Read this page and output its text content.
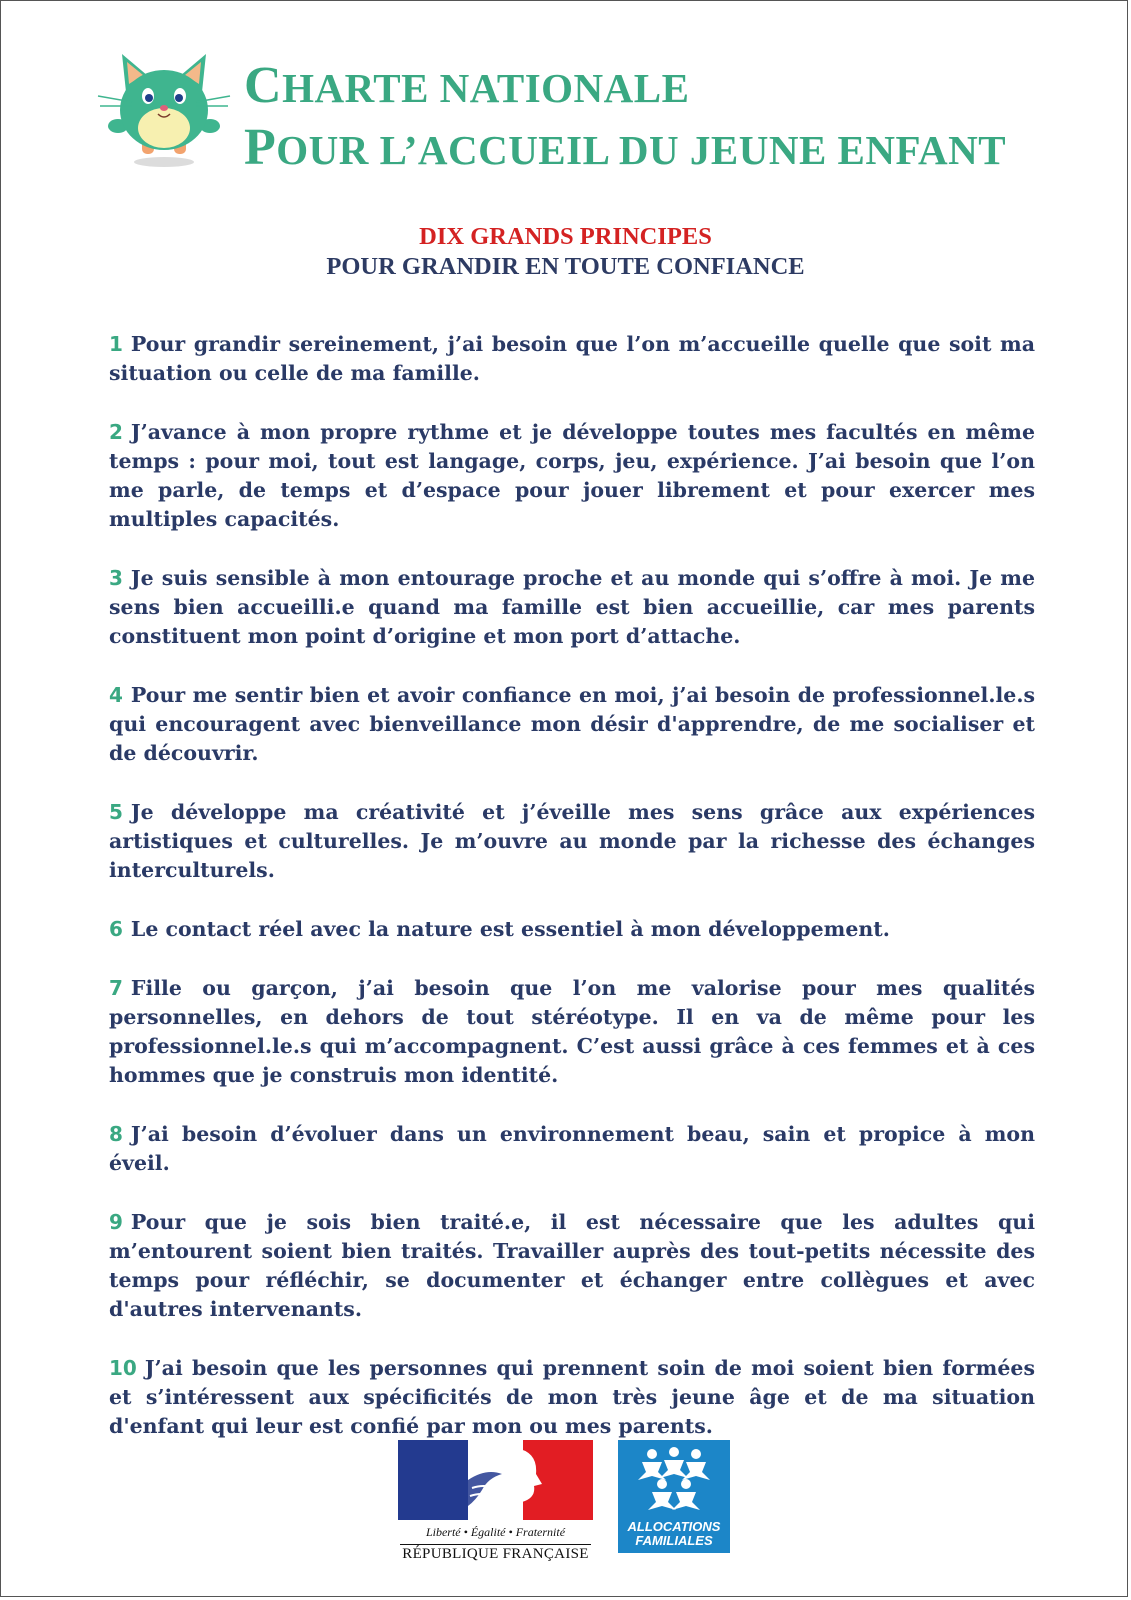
CHARTE NATIONALE
POUR L’ACCUEIL DU JEUNE ENFANT
DIX GRANDS PRINCIPES
POUR GRANDIR EN TOUTE CONFIANCE
1 Pour grandir sereinement, j’ai besoin que l’on m’accueille quelle que soit ma situation ou celle de ma famille.
2 J’avance à mon propre rythme et je développe toutes mes facultés en même temps : pour moi, tout est langage, corps, jeu, expérience. J’ai besoin que l’on me parle, de temps et d’espace pour jouer librement et pour exercer mes multiples capacités.
3 Je suis sensible à mon entourage proche et au monde qui s’offre à moi. Je me sens bien accueilli.e quand ma famille est bien accueillie, car mes parents constituent mon point d’origine et mon port d’attache.
4 Pour me sentir bien et avoir confiance en moi, j’ai besoin de professionnel.le.s qui encouragent avec bienveillance mon désir d'apprendre, de me socialiser et de découvrir.
5 Je développe ma créativité et j’éveille mes sens grâce aux expériences artistiques et culturelles. Je m’ouvre au monde par la richesse des échanges interculturels.
6 Le contact réel avec la nature est essentiel à mon développement.
7 Fille ou garçon, j’ai besoin que l’on me valorise pour mes qualités personnelles, en dehors de tout stéréotype. Il en va de même pour les professionnel.le.s qui m’accompagnent. C’est aussi grâce à ces femmes et à ces hommes que je construis mon identité.
8 J’ai besoin d’évoluer dans un environnement beau, sain et propice à mon éveil.
9 Pour que je sois bien traité.e, il est nécessaire que les adultes qui m’entourent soient bien traités. Travailler auprès des tout-petits nécessite des temps pour réfléchir, se documenter et échanger entre collègues et avec d'autres intervenants.
10 J’ai besoin que les personnes qui prennent soin de moi soient bien formées et s’intéressent aux spécificités de mon très jeune âge et de ma situation d'enfant qui leur est confié par mon ou mes parents.
Liberté • Égalité • Fraternité
RÉPUBLIQUE FRANÇAISE
ALLOCATIONS
FAMILIALES
